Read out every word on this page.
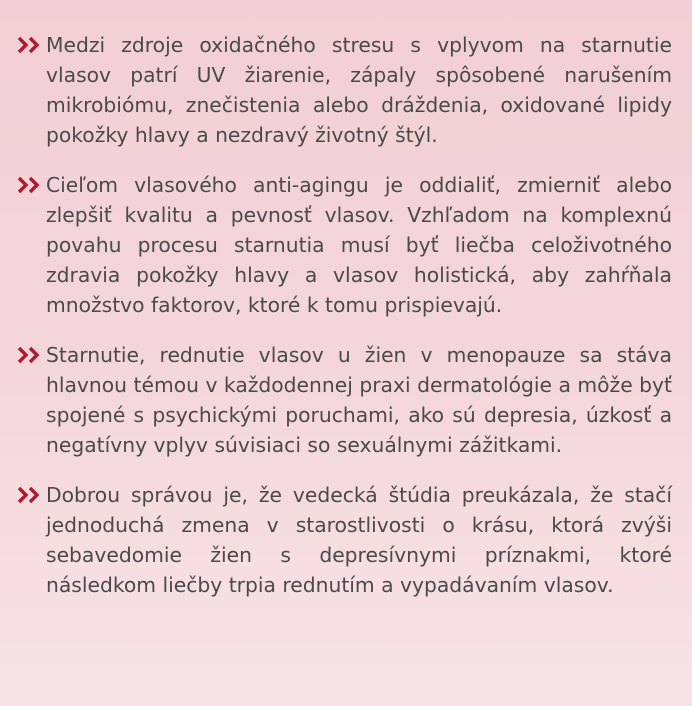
Medzi zdroje oxidačného stresu s vplyvom na starnutie vlasov patrí UV žiarenie, zápaly spôsobené narušením mikrobiómu, znečistenia alebo dráždenia, oxidované lipidy pokožky hlavy a nezdravý životný štýl.
Cieľom vlasového anti-agingu je oddialiť, zmierniť alebo zlepšiť kvalitu a pevnosť vlasov. Vzhľadom na komplexnú povahu procesu starnutia musí byť liečba celoživotného zdravia pokožky hlavy a vlasov holistická, aby zahŕňala množstvo faktorov, ktoré k tomu prispievajú.
Starnutie, rednutie vlasov u žien v menopauze sa stáva hlavnou témou v každodennej praxi dermatológie a môže byť spojené s psychickými poruchami, ako sú depresia, úzkosť a negatívny vplyv súvisiaci so sexuálnymi zážitkami.
Dobrou správou je, že vedecká štúdia preukázala, že stačí jednoduchá zmena v starostlivosti o krásu, ktorá zvýši sebavedomie žien s depresívnymi príznakmi, ktoré následkom liečby trpia rednutím a vypadávaním vlasov.
